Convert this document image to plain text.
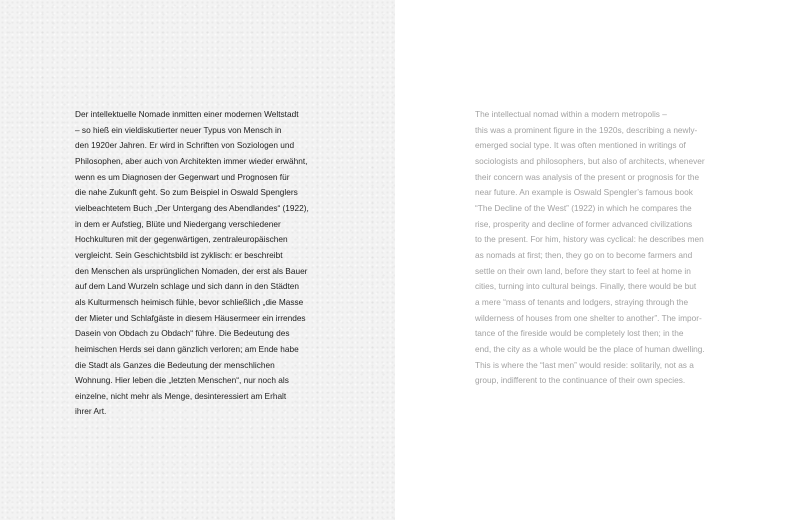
Der intellektuelle Nomade inmitten einer modernen Weltstadt
– so hieß ein vieldiskutierter neuer Typus von Mensch in
den 1920er Jahren. Er wird in Schriften von Soziologen und
Philosophen, aber auch von Architekten immer wieder erwähnt,
wenn es um Diagnosen der Gegenwart und Prognosen für
die nahe Zukunft geht. So zum Beispiel in Oswald Spenglers
vielbeachtetem Buch „Der Untergang des Abendlandes“ (1922),
in dem er Aufstieg, Blüte und Niedergang verschiedener
Hochkulturen mit der gegenwärtigen, zentraleuropäischen
vergleicht. Sein Geschichtsbild ist zyklisch: er beschreibt
den Menschen als ursprünglichen Nomaden, der erst als Bauer
auf dem Land Wurzeln schlage und sich dann in den Städten
als Kulturmensch heimisch fühle, bevor schließlich „die Masse
der Mieter und Schlafgäste in diesem Häusermeer ein irrendes
Dasein von Obdach zu Obdach“ führe. Die Bedeutung des
heimischen Herds sei dann gänzlich verloren; am Ende habe
die Stadt als Ganzes die Bedeutung der menschlichen
Wohnung. Hier leben die „letzten Menschen“, nur noch als
einzelne, nicht mehr als Menge, desinteressiert am Erhalt
ihrer Art.
The intellectual nomad within a modern metropolis –
this was a prominent figure in the 1920s, describing a newly-
emerged social type. It was often mentioned in writings of
sociologists and philosophers, but also of architects, whenever
their concern was analysis of the present or prognosis for the
near future. An example is Oswald Spengler’s famous book
“The Decline of the West” (1922) in which he compares the
rise, prosperity and decline of former advanced civilizations
to the present. For him, history was cyclical: he describes men
as nomads at first; then, they go on to become farmers and
settle on their own land, before they start to feel at home in
cities, turning into cultural beings. Finally, there would be but
a mere “mass of tenants and lodgers, straying through the
wilderness of houses from one shelter to another”. The impor-
tance of the fireside would be completely lost then; in the
end, the city as a whole would be the place of human dwelling.
This is where the “last men” would reside: solitarily, not as a
group, indifferent to the continuance of their own species.
